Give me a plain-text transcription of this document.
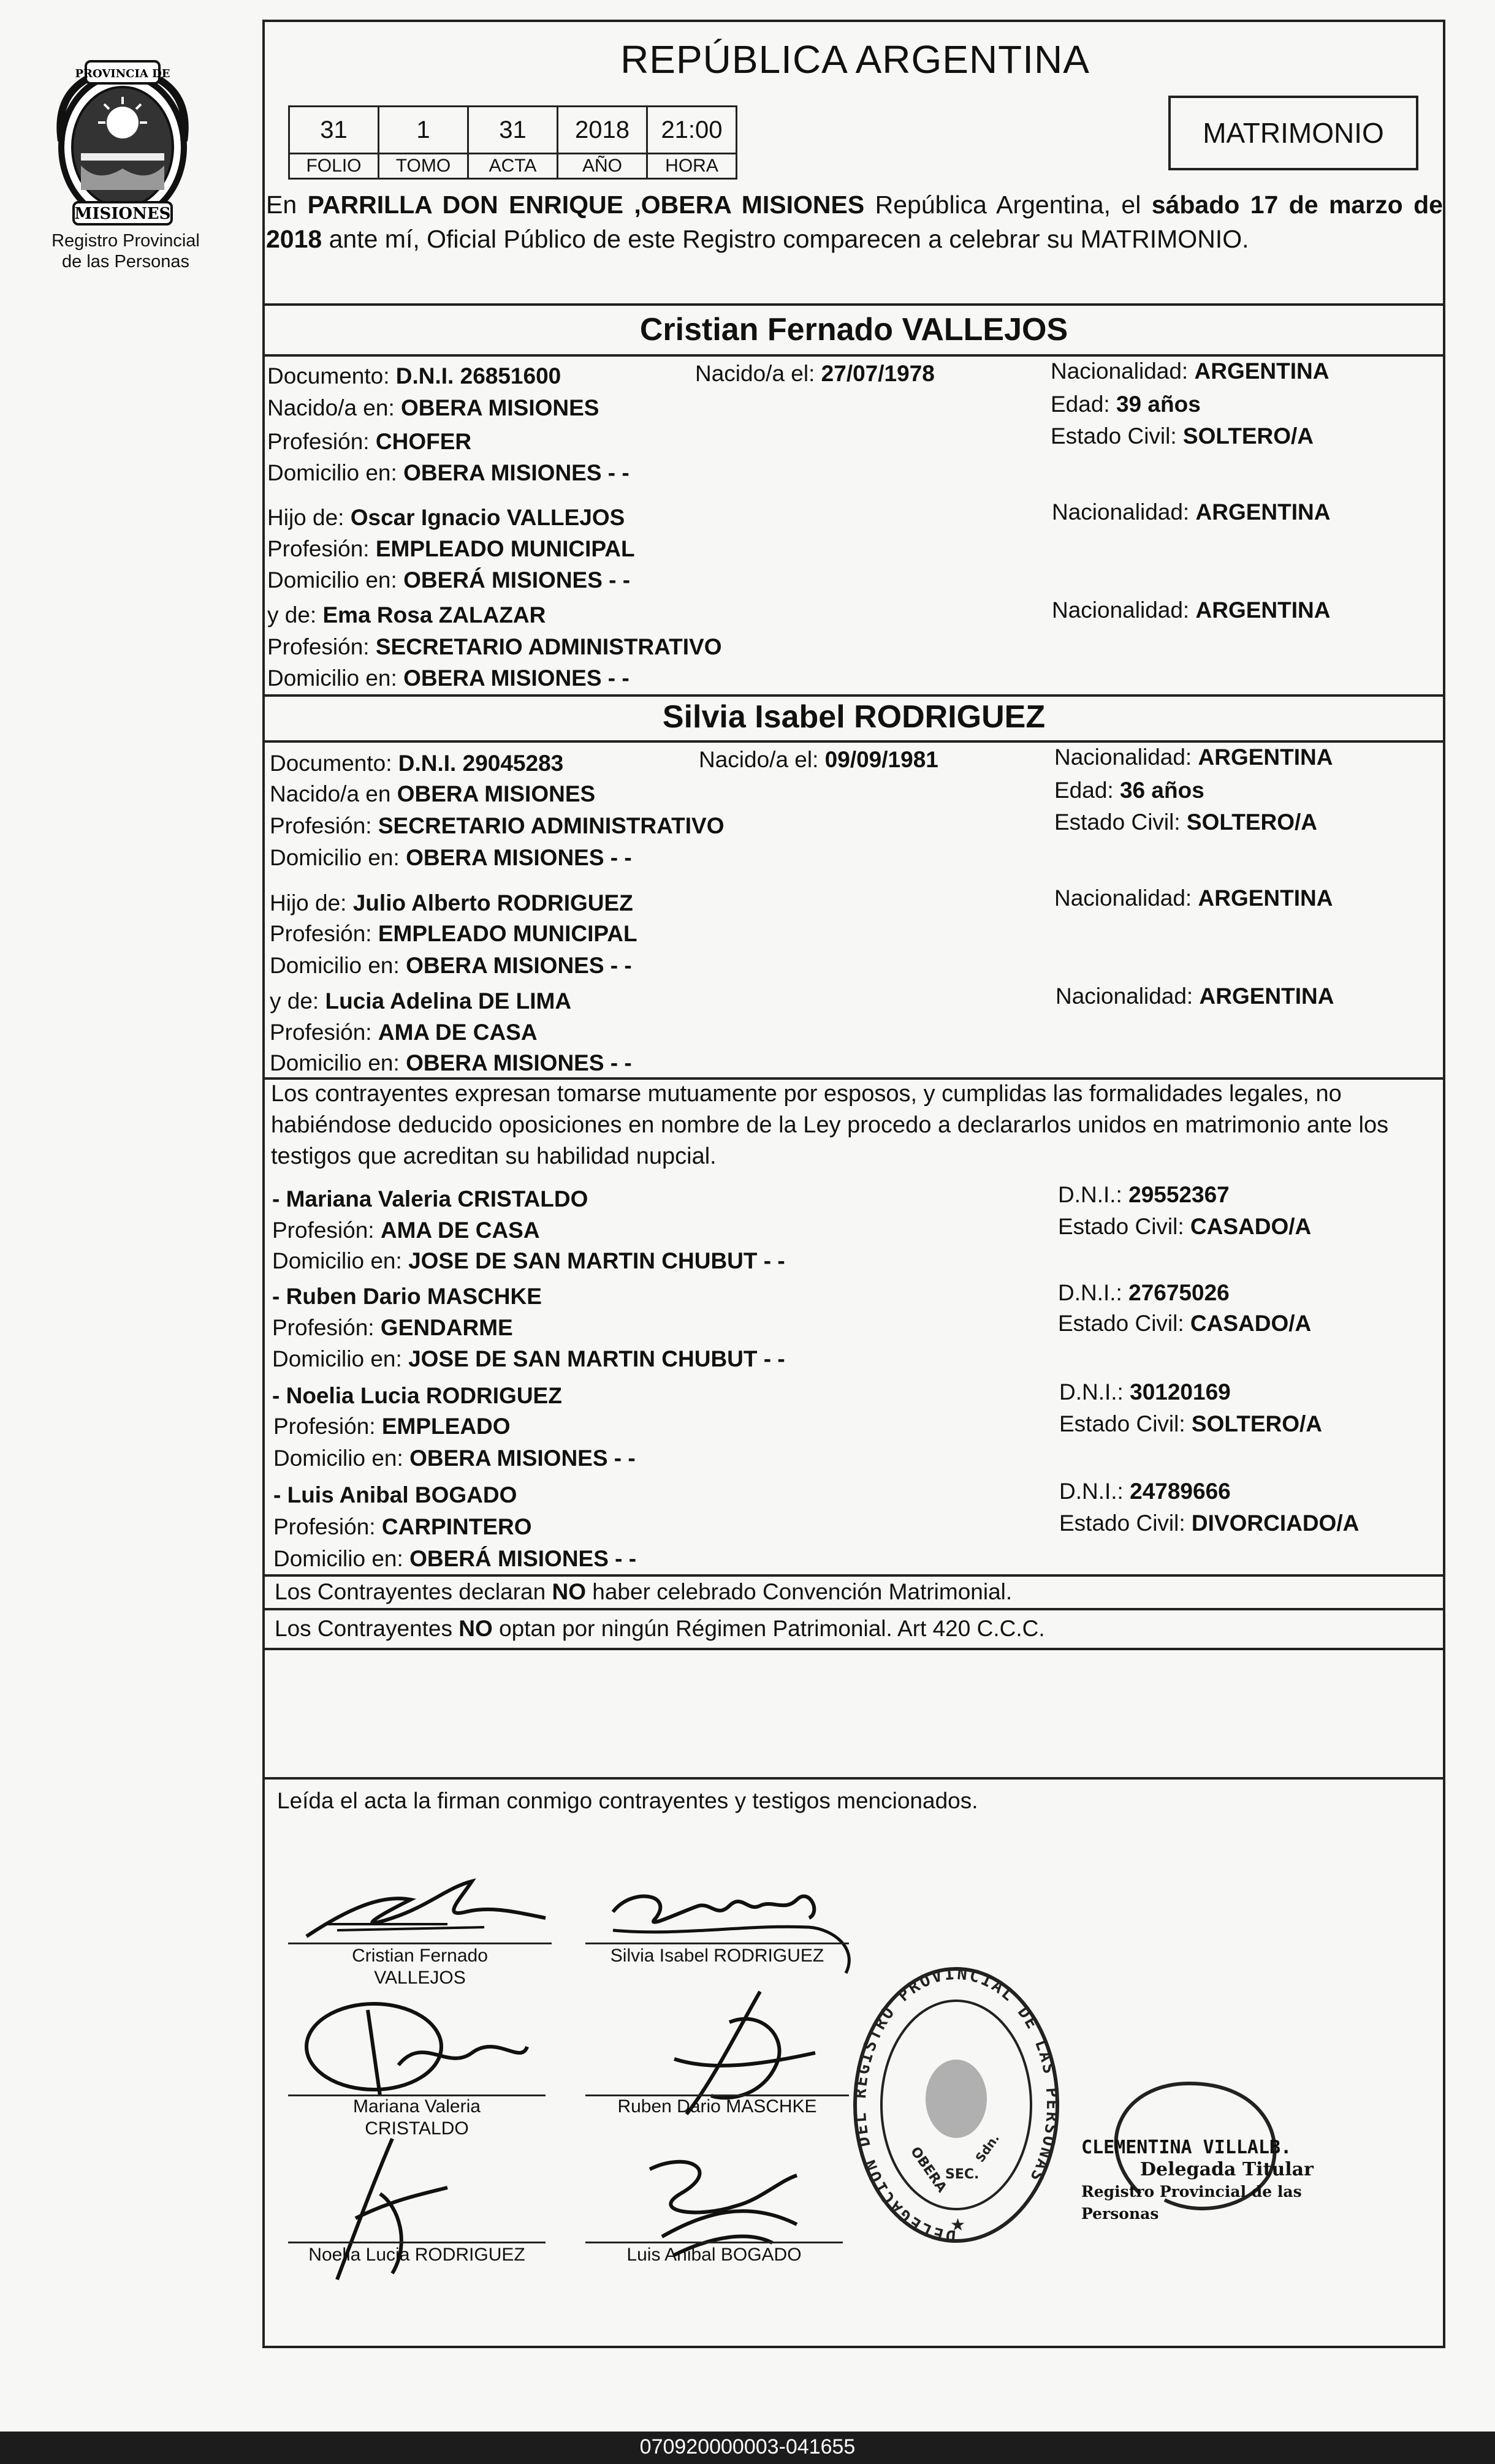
MISIONES
PROVINCIA DE
Registro Provincial
de las Personas
REPÚBLICA ARGENTINA
31	1	31	2018	21:00
FOLIO	TOMO	ACTA	AÑO	HORA
MATRIMONIO
En PARRILLA DON ENRIQUE ,OBERA MISIONES República Argentina, el sábado 17 de marzo de 2018 ante mí, Oficial Público de este Registro comparecen a celebrar su MATRIMONIO.
Cristian Fernado VALLEJOS
Documento: D.N.I. 26851600	Nacido/a el: 27/07/1978	Nacionalidad: ARGENTINA
Nacido/a en: OBERA MISIONES	Edad: 39 años
Profesión: CHOFER	Estado Civil: SOLTERO/A
Domicilio en: OBERA MISIONES - -
Hijo de: Oscar Ignacio VALLEJOS	Nacionalidad: ARGENTINA
Profesión: EMPLEADO MUNICIPAL
Domicilio en: OBERÁ MISIONES - -
y de: Ema Rosa ZALAZAR	Nacionalidad: ARGENTINA
Profesión: SECRETARIO ADMINISTRATIVO
Domicilio en: OBERA MISIONES - -
Silvia Isabel RODRIGUEZ
Documento: D.N.I. 29045283	Nacido/a el: 09/09/1981	Nacionalidad: ARGENTINA
Nacido/a en OBERA MISIONES	Edad: 36 años
Profesión: SECRETARIO ADMINISTRATIVO	Estado Civil: SOLTERO/A
Domicilio en: OBERA MISIONES - -
Hijo de: Julio Alberto RODRIGUEZ	Nacionalidad: ARGENTINA
Profesión: EMPLEADO MUNICIPAL
Domicilio en: OBERA MISIONES - -
y de: Lucia Adelina DE LIMA	Nacionalidad: ARGENTINA
Profesión: AMA DE CASA
Domicilio en: OBERA MISIONES - -
Los contrayentes expresan tomarse mutuamente por esposos, y cumplidas las formalidades legales, no habiéndose deducido oposiciones en nombre de la Ley procedo a declararlos unidos en matrimonio ante los testigos que acreditan su habilidad nupcial.
- Mariana Valeria CRISTALDO	D.N.I.: 29552367
Profesión: AMA DE CASA	Estado Civil: CASADO/A
Domicilio en: JOSE DE SAN MARTIN CHUBUT - -
- Ruben Dario MASCHKE	D.N.I.: 27675026
Profesión: GENDARME	Estado Civil: CASADO/A
Domicilio en: JOSE DE SAN MARTIN CHUBUT - -
- Noelia Lucia RODRIGUEZ	D.N.I.: 30120169
Profesión: EMPLEADO	Estado Civil: SOLTERO/A
Domicilio en: OBERA MISIONES - -
- Luis Anibal BOGADO	D.N.I.: 24789666
Profesión: CARPINTERO	Estado Civil: DIVORCIADO/A
Domicilio en: OBERÁ MISIONES - -
Los Contrayentes declaran NO haber celebrado Convención Matrimonial.
Los Contrayentes NO optan por ningún Régimen Patrimonial. Art 420 C.C.C.
Leída el acta la firman conmigo contrayentes y testigos mencionados.
Cristian Fernado
VALLEJOS
Silvia Isabel RODRIGUEZ
Mariana Valeria
CRISTALDO
Ruben Dario MASCHKE
Noelia Lucia RODRIGUEZ	Luis Anibal BOGADO
DELEGACION DEL REGISTRO PROVINCIAL DE LAS PERSONAS
OBERA
SEC.
Sdn.
★
CLEMENTINA VILLALB.
Delegada Titular
Registro Provincial de las Personas
070920000003-041655
